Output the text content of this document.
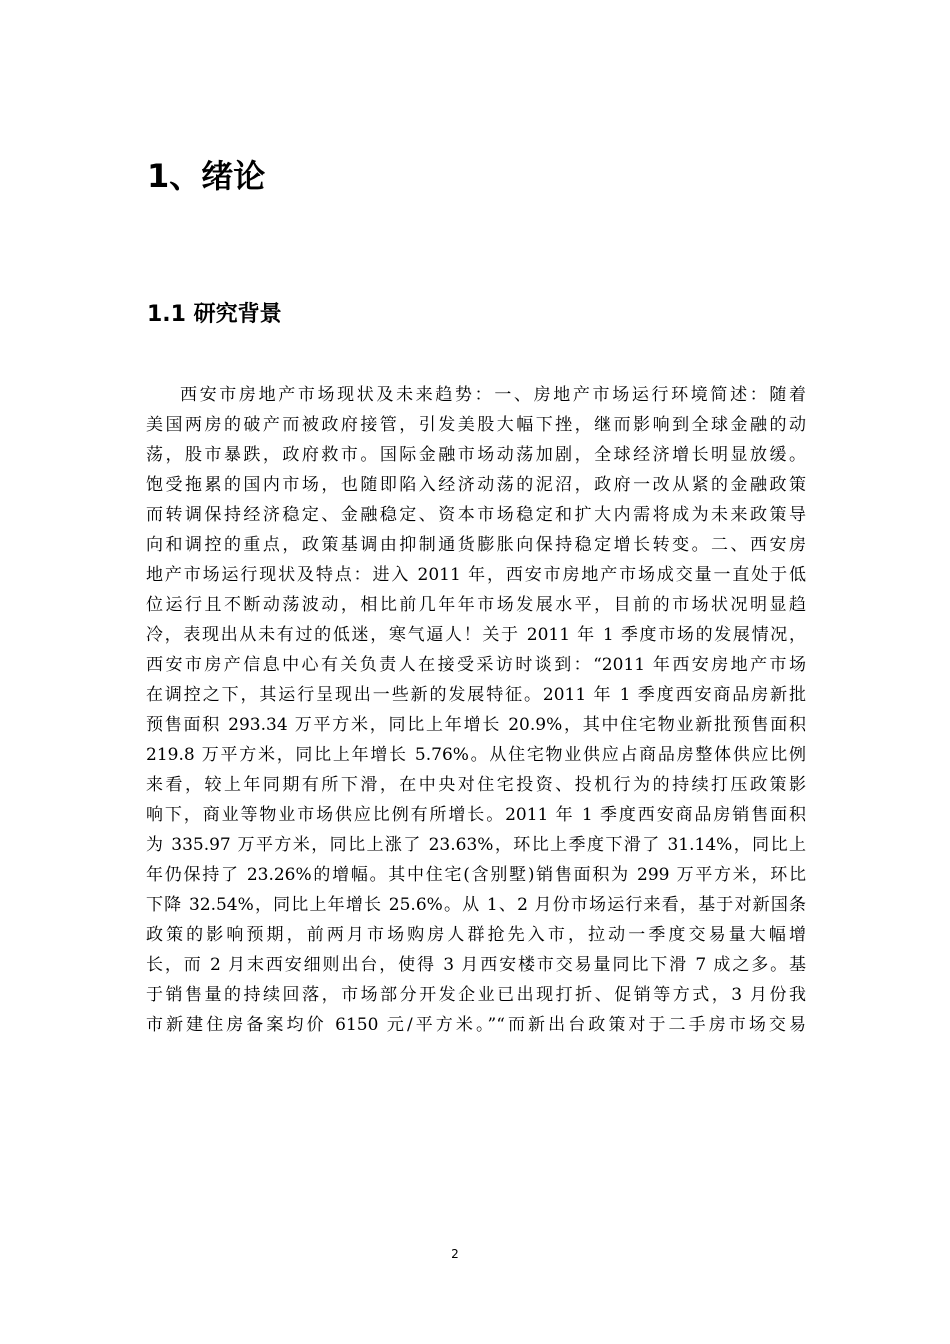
1、绪论
1.1 研究背景
西安市房地产市场现状及未来趋势：一、房地产市场运行环境简述：随着
美国两房的破产而被政府接管，引发美股大幅下挫，继而影响到全球金融的动
荡，股市暴跌，政府救市。国际金融市场动荡加剧，全球经济增长明显放缓。
饱受拖累的国内市场，也随即陷入经济动荡的泥沼，政府一改从紧的金融政策
而转调保持经济稳定、金融稳定、资本市场稳定和扩大内需将成为未来政策导
向和调控的重点，政策基调由抑制通货膨胀向保持稳定增长转变。二、西安房
地产市场运行现状及特点：进入 2011 年，西安市房地产市场成交量一直处于低
位运行且不断动荡波动，相比前几年年市场发展水平，目前的市场状况明显趋
冷，表现出从未有过的低迷，寒气逼人！关于 2011 年 1 季度市场的发展情况，
西安市房产信息中心有关负责人在接受采访时谈到：“2011 年西安房地产市场
在调控之下，其运行呈现出一些新的发展特征。2011 年 1 季度西安商品房新批
预售面积 293.34 万平方米，同比上年增长 20.9%，其中住宅物业新批预售面积
219.8 万平方米，同比上年增长 5.76%。从住宅物业供应占商品房整体供应比例
来看，较上年同期有所下滑，在中央对住宅投资、投机行为的持续打压政策影
响下，商业等物业市场供应比例有所增长。2011 年 1 季度西安商品房销售面积
为 335.97 万平方米，同比上涨了 23.63%，环比上季度下滑了 31.14%，同比上
年仍保持了 23.26%的增幅。其中住宅(含别墅)销售面积为 299 万平方米，环比
下降 32.54%，同比上年增长 25.6%。从 1、2 月份市场运行来看，基于对新国条
政策的影响预期，前两月市场购房人群抢先入市，拉动一季度交易量大幅增
长，而 2 月末西安细则出台，使得 3 月西安楼市交易量同比下滑 7 成之多。基
于销售量的持续回落，市场部分开发企业已出现打折、促销等方式，3 月份我
市新建住房备案均价 6150 元/平方米。”“而新出台政策对于二手房市场交易
2
